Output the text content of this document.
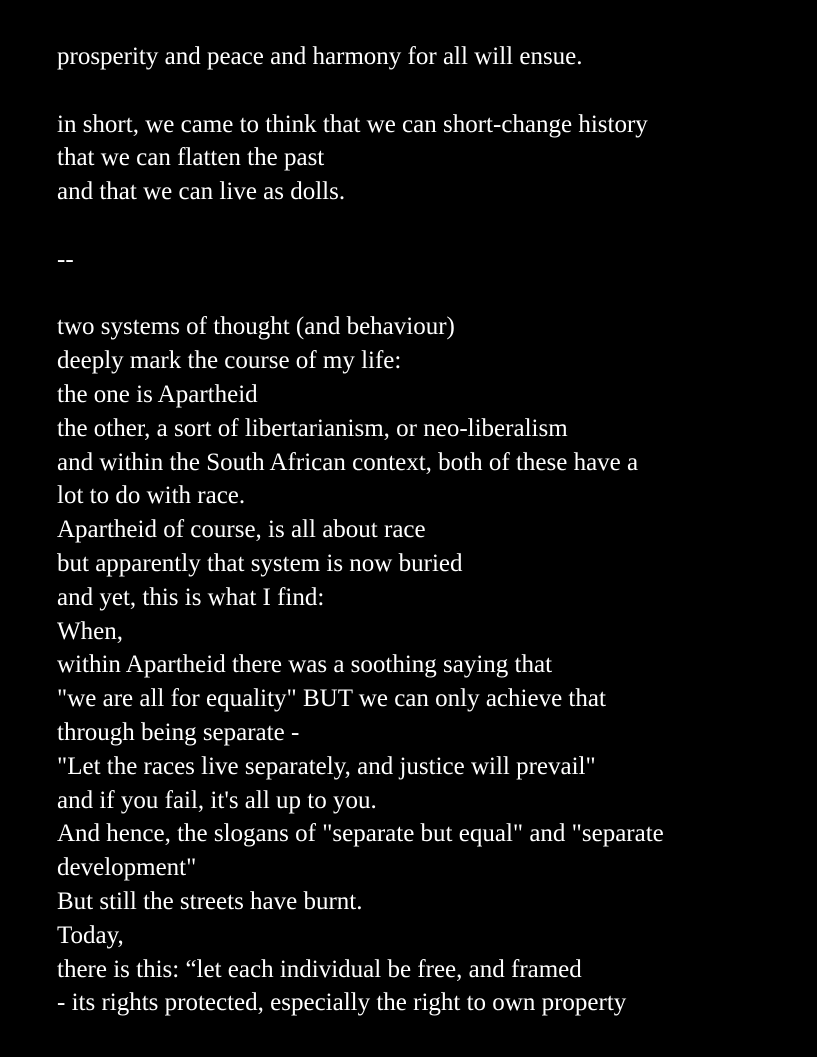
prosperity and peace and harmony for all will ensue.
in short, we came to think that we can short-change history
that we can flatten the past
and that we can live as dolls.
--
two systems of thought (and behaviour)
deeply mark the course of my life:
the one is Apartheid
the other, a sort of libertarianism, or neo-liberalism
and within the South African context, both of these have a
lot to do with race.
Apartheid of course, is all about race
but apparently that system is now buried
and yet, this is what I find:
When,
within Apartheid there was a soothing saying that
"we are all for equality" BUT we can only achieve that
through being separate -
"Let the races live separately, and justice will prevail"
and if you fail, it's all up to you.
And hence, the slogans of "separate but equal" and "separate
development"
But still the streets have burnt.
Today,
there is this: “let each individual be free, and framed
- its rights protected, especially the right to own property
